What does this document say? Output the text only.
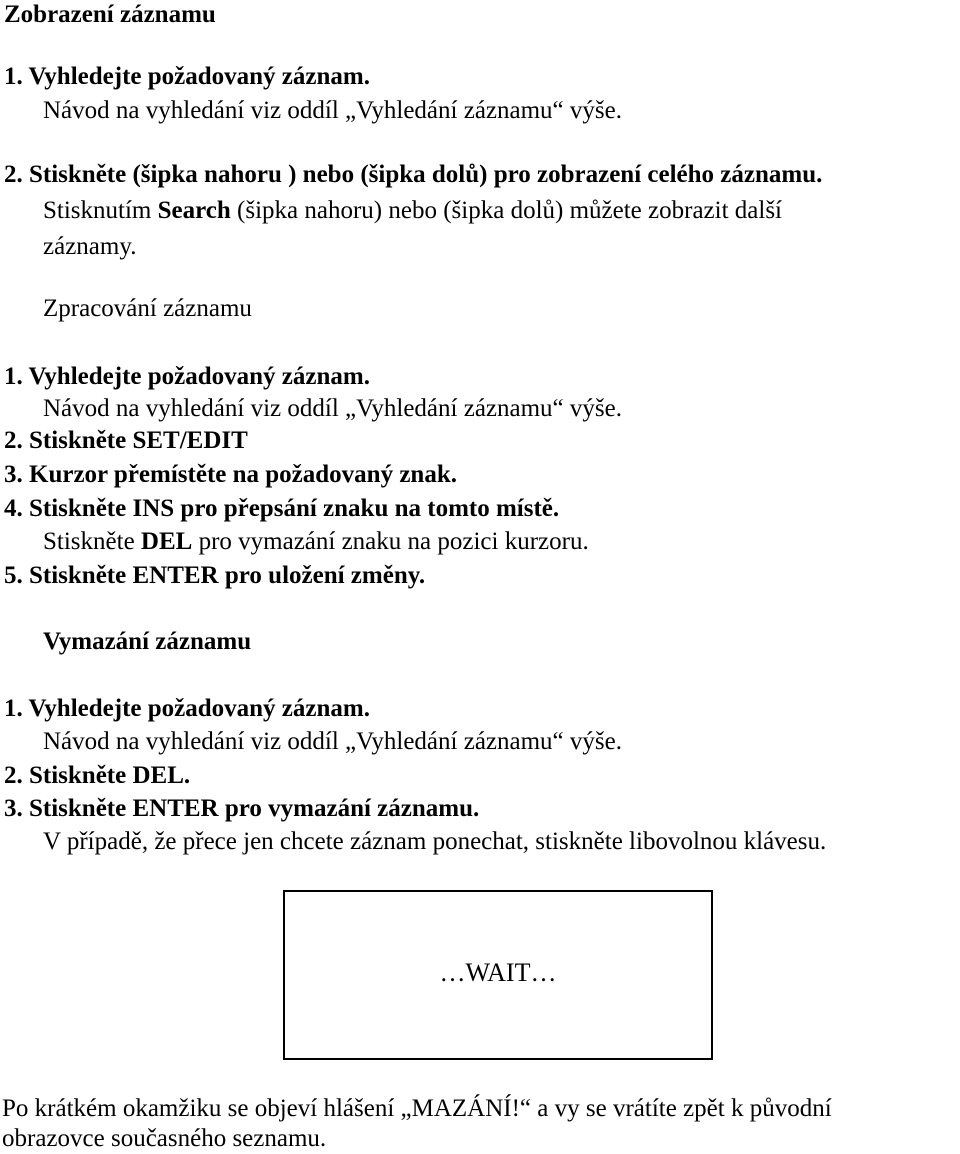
Zobrazení záznamu
1. Vyhledejte požadovaný záznam.
Návod na vyhledání viz oddíl „Vyhledání záznamu“ výše.
2. Stiskněte (šipka nahoru ) nebo (šipka dolů) pro zobrazení celého záznamu.
Stisknutím Search (šipka nahoru) nebo (šipka dolů) můžete zobrazit další
záznamy.
Zpracování záznamu
1. Vyhledejte požadovaný záznam.
Návod na vyhledání viz oddíl „Vyhledání záznamu“ výše.
2. Stiskněte SET/EDIT
3. Kurzor přemístěte na požadovaný znak.
4. Stiskněte INS pro přepsání znaku na tomto místě.
Stiskněte DEL pro vymazání znaku na pozici kurzoru.
5. Stiskněte ENTER pro uložení změny.
Vymazání záznamu
1. Vyhledejte požadovaný záznam.
Návod na vyhledání viz oddíl „Vyhledání záznamu“ výše.
2. Stiskněte DEL.
3. Stiskněte ENTER pro vymazání záznamu.
V případě, že přece jen chcete záznam ponechat, stiskněte libovolnou klávesu.
…WAIT…
Po krátkém okamžiku se objeví hlášení „MAZÁNÍ!“ a vy se vrátíte zpět k původní
obrazovce současného seznamu.
